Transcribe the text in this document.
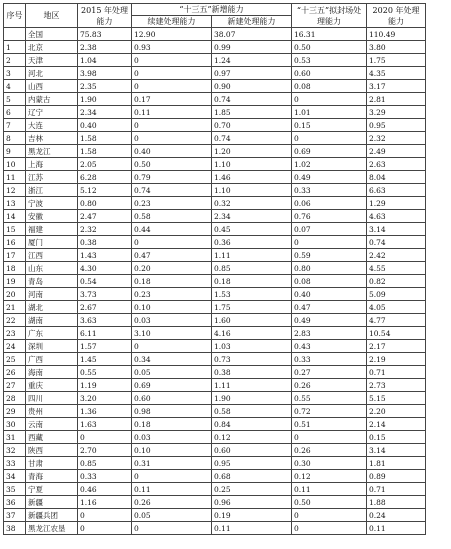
序号	地区	2015 年处理能力	“十三五”新增能力		“十三五”拟封场处理能力	2020 年处理能力
			续建处理能力	新建处理能力		
	全国	75.83	12.90	38.07	16.31	110.49
1	北京	2.38	0.93	0.99	0.50	3.80
2	天津	1.04	0	1.24	0.53	1.75
3	河北	3.98	0	0.97	0.60	4.35
4	山西	2.35	0	0.90	0.08	3.17
5	内蒙古	1.90	0.17	0.74	0	2.81
6	辽宁	2.34	0.11	1.85	1.01	3.29
7	大连	0.40	0	0.70	0.15	0.95
8	吉林	1.58	0	0.74	0	2.32
9	黑龙江	1.58	0.40	1.20	0.69	2.49
10	上海	2.05	0.50	1.10	1.02	2.63
11	江苏	6.28	0.79	1.46	0.49	8.04
12	浙江	5.12	0.74	1.10	0.33	6.63
13	宁波	0.80	0.23	0.32	0.06	1.29
14	安徽	2.47	0.58	2.34	0.76	4.63
15	福建	2.32	0.44	0.45	0.07	3.14
16	厦门	0.38	0	0.36	0	0.74
17	江西	1.43	0.47	1.11	0.59	2.42
18	山东	4.30	0.20	0.85	0.80	4.55
19	青岛	0.54	0.18	0.18	0.08	0.82
20	河南	3.73	0.23	1.53	0.40	5.09
21	湖北	2.67	0.10	1.75	0.47	4.05
22	湖南	3.63	0.03	1.60	0.49	4.77
23	广东	6.11	3.10	4.16	2.83	10.54
24	深圳	1.57	0	1.03	0.43	2.17
25	广西	1.45	0.34	0.73	0.33	2.19
26	海南	0.55	0.05	0.38	0.27	0.71
27	重庆	1.19	0.69	1.11	0.26	2.73
28	四川	3.20	0.60	1.90	0.55	5.15
29	贵州	1.36	0.98	0.58	0.72	2.20
30	云南	1.63	0.18	0.84	0.51	2.14
31	西藏	0	0.03	0.12	0	0.15
32	陕西	2.70	0.10	0.60	0.26	3.14
33	甘肃	0.85	0.31	0.95	0.30	1.81
34	青海	0.33	0	0.68	0.12	0.89
35	宁夏	0.46	0.11	0.25	0.11	0.71
36	新疆	1.16	0.26	0.96	0.50	1.88
37	新疆兵团	0	0.05	0.19	0	0.24
38	黑龙江农垦	0	0	0.11	0	0.11
